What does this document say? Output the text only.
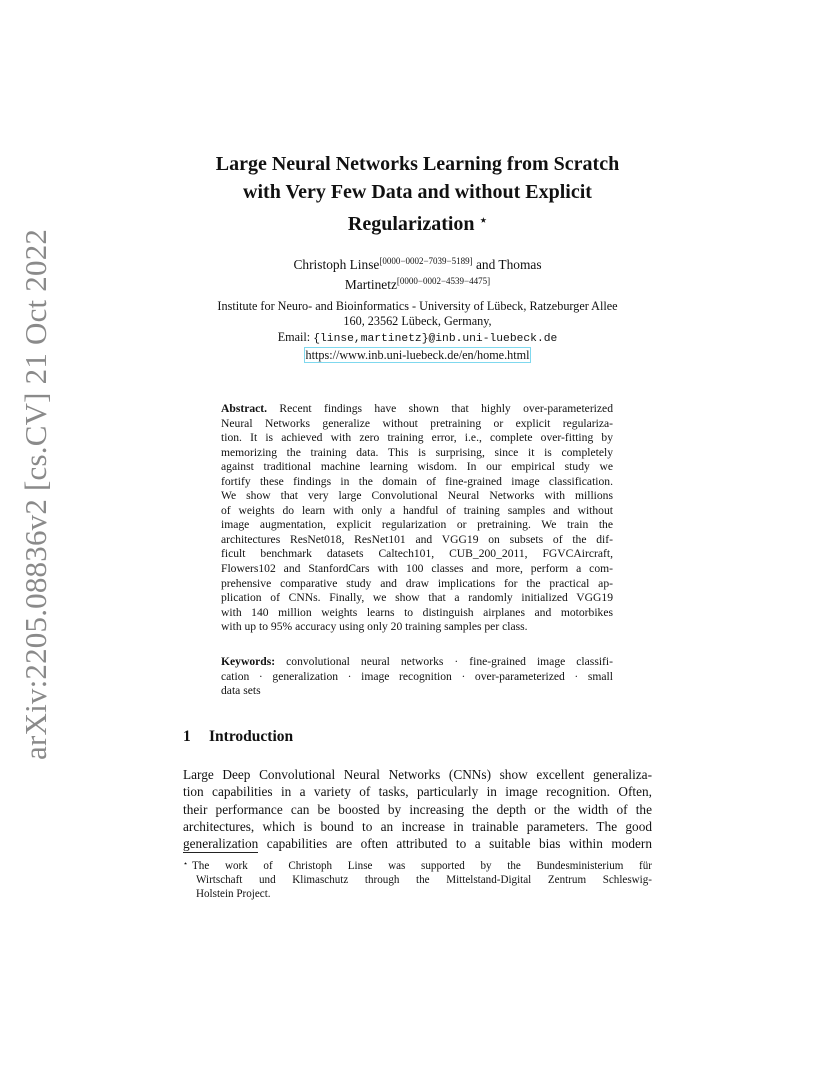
arXiv:2205.08836v2 [cs.CV] 21 Oct 2022
Large Neural Networks Learning from Scratch
with Very Few Data and without Explicit
Regularization ⋆
Christoph Linse[0000−0002−7039−5189] and Thomas
Martinetz[0000−0002−4539−4475]
Institute for Neuro- and Bioinformatics - University of Lübeck, Ratzeburger Allee
160, 23562 Lübeck, Germany,
Email: {linse,martinetz}@inb.uni-luebeck.de
https://www.inb.uni-luebeck.de/en/home.html
Abstract. Recent findings have shown that highly over-parameterized
Neural Networks generalize without pretraining or explicit regulariza-
tion. It is achieved with zero training error, i.e., complete over-fitting by
memorizing the training data. This is surprising, since it is completely
against traditional machine learning wisdom. In our empirical study we
fortify these findings in the domain of fine-grained image classification.
We show that very large Convolutional Neural Networks with millions
of weights do learn with only a handful of training samples and without
image augmentation, explicit regularization or pretraining. We train the
architectures ResNet018, ResNet101 and VGG19 on subsets of the dif-
ficult benchmark datasets Caltech101, CUB_200_2011, FGVCAircraft,
Flowers102 and StanfordCars with 100 classes and more, perform a com-
prehensive comparative study and draw implications for the practical ap-
plication of CNNs. Finally, we show that a randomly initialized VGG19
with 140 million weights learns to distinguish airplanes and motorbikes
with up to 95% accuracy using only 20 training samples per class.
Keywords: convolutional neural networks · fine-grained image classifi-
cation · generalization · image recognition · over-parameterized · small
data sets
1 Introduction
Large Deep Convolutional Neural Networks (CNNs) show excellent generaliza-
tion capabilities in a variety of tasks, particularly in image recognition. Often,
their performance can be boosted by increasing the depth or the width of the
architectures, which is bound to an increase in trainable parameters. The good
generalization capabilities are often attributed to a suitable bias within modern
⋆ The work of Christoph Linse was supported by the Bundesministerium für
Wirtschaft und Klimaschutz through the Mittelstand-Digital Zentrum Schleswig-
Holstein Project.
